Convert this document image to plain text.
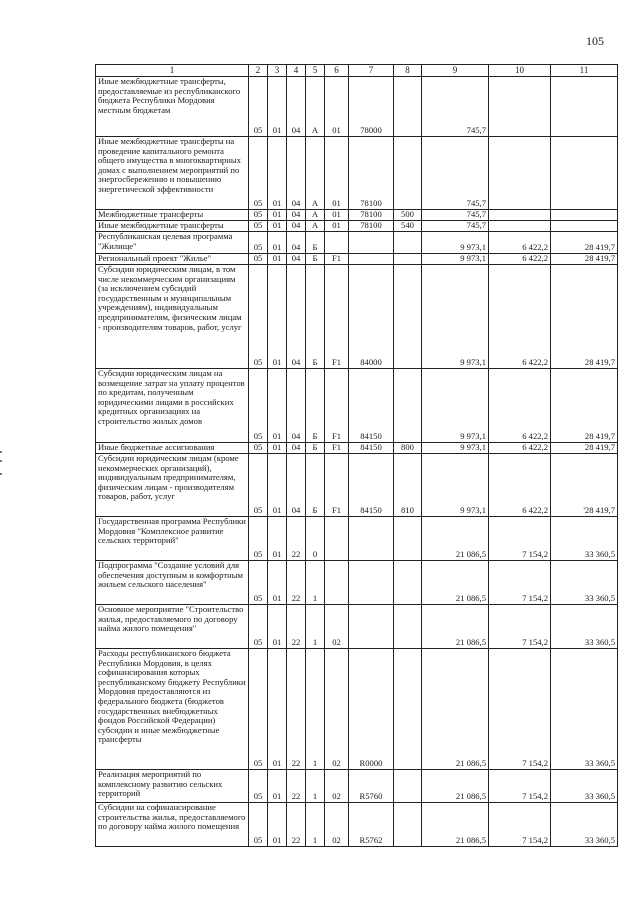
105
1	2	3	4	5	6	7	8	9	10	11
Иные межбюджетные трансферты, предоставляемые из республиканского бюджета Республики Мордовия местным бюджетам	05	01	04	А	01	78000		745,7		
Иные межбюджетные трансферты на проведение капитального ремонта общего имущества в многоквартирных домах с выполнением мероприятий по энергосбережению и повышению энергетической эффективности	05	01	04	А	01	78100		745,7		
Межбюджетные трансферты	05	01	04	А	01	78100	500	745,7		
Иные межбюджетные трансферты	05	01	04	А	01	78100	540	745,7		
Республиканская целевая программа "Жилище"	05	01	04	Б				9 973,1	6 422,2	28 419,7
Региональный проект "Жилье"	05	01	04	Б	F1			9 973,1	6 422,2	28 419,7
Субсидии юридическим лицам, в том числе некоммерческим организациям (за исключением субсидий государственным и муниципальным учреждениям), индивидуальным предпринимателям, физическим лицам - производителям товаров, работ, услуг	05	01	04	Б	F1	84000		9 973,1	6 422,2	28 419,7
Субсидии юридическим лицам на возмещение затрат на уплату процентов по кредитам, полученным юридическими лицами в российских кредитных организациях на строительство жилых домов	05	01	04	Б	F1	84150		9 973,1	6 422,2	28 419,7
Иные бюджетные ассигнования	05	01	04	Б	F1	84150	800	9 973,1	6 422,2	28 419,7
Субсидии юридическим лицам (кроме некоммерческих организаций), индивидуальным предпринимателям, физическим лицам - производителям товаров, работ, услуг	05	01	04	Б	F1	84150	810	9 973,1	6 422,2	'28 419,7
Государственная программа Республики Мордовия "Комплексное развитие сельских территорий"	05	01	22	0				21 086,5	7 154,2	33 360,5
Подпрограмма "Создание условий для обеспечения доступным и комфортным жильем сельского населения"	05	01	22	1				21 086,5	7 154,2	33 360,5
Основное мероприятие "Строительство жилья, предоставляемого по договору найма жилого помещения"	05	01	22	1	02			21 086,5	7 154,2	33 360,5
Расходы республиканского бюджета Республики Мордовия, в целях софинансирования которых республиканскому бюджету Республики Мордовия предоставляются из федерального бюджета (бюджетов государственных внебюджетных фондов Российской Федерации) субсидии и иные межбюджетные трансферты	05	01	22	1	02	R0000		21 086,5	7 154,2	33 360,5
Реализация мероприятий по комплексному развитию сельских территорий	05	01	22	1	02	R5760		21 086,5	7 154,2	33 360,5
Субсидии на софинансирование строительства жилья, предоставляемого по договору найма жилого помещения	05	01	22	1	02	R5762		21 086,5	7 154,2	33 360,5
